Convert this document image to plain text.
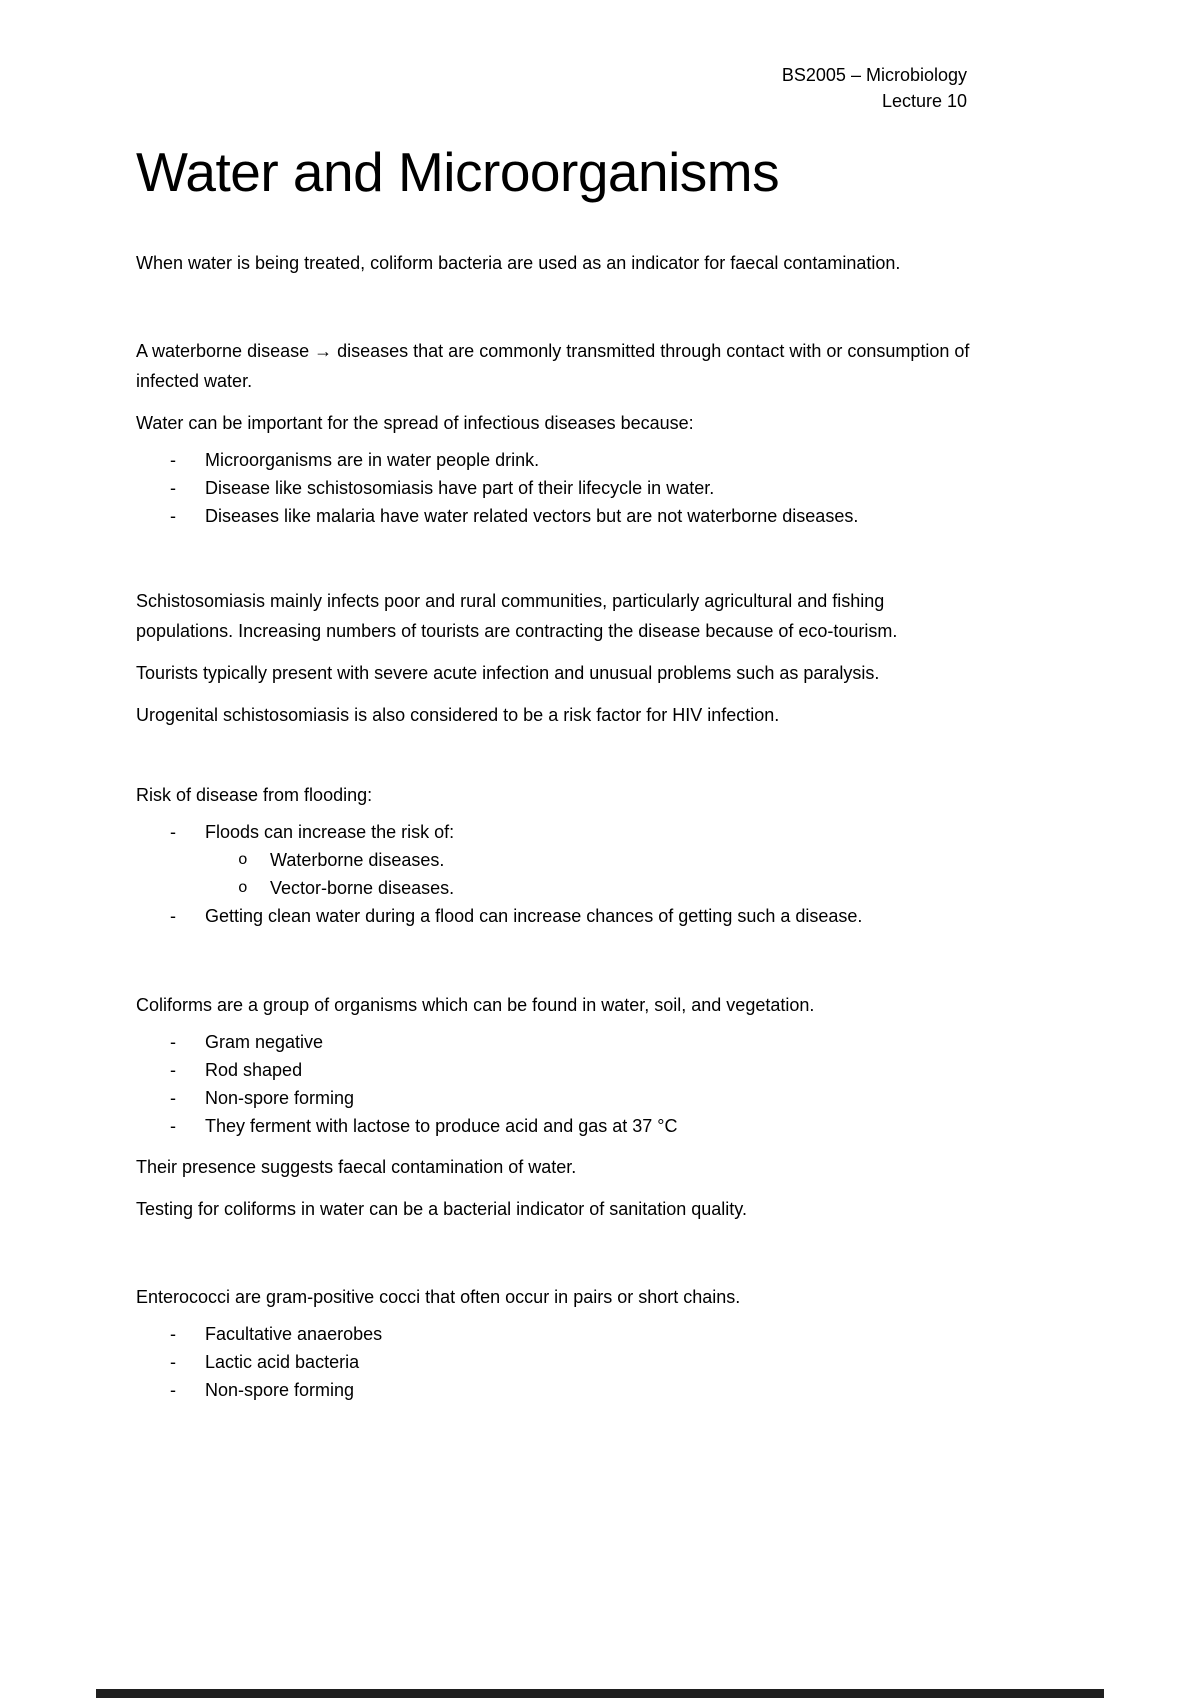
BS2005 – Microbiology
Lecture 10
Water and Microorganisms

When water is being treated, coliform bacteria are used as an indicator for faecal contamination.

A waterborne disease → diseases that are commonly transmitted through contact with or consumption of infected water.

Water can be important for the spread of infectious diseases because:

-	Microorganisms are in water people drink.
-	Disease like schistosomiasis have part of their lifecycle in water.
-	Diseases like malaria have water related vectors but are not waterborne diseases.

Schistosomiasis mainly infects poor and rural communities, particularly agricultural and fishing populations. Increasing numbers of tourists are contracting the disease because of eco-tourism.

Tourists typically present with severe acute infection and unusual problems such as paralysis.

Urogenital schistosomiasis is also considered to be a risk factor for HIV infection.

Risk of disease from flooding:

-	Floods can increase the risk of:
o	Waterborne diseases.
o	Vector-borne diseases.
-	Getting clean water during a flood can increase chances of getting such a disease.

Coliforms are a group of organisms which can be found in water, soil, and vegetation.

-	Gram negative
-	Rod shaped
-	Non-spore forming
-	They ferment with lactose to produce acid and gas at 37 °C

Their presence suggests faecal contamination of water.

Testing for coliforms in water can be a bacterial indicator of sanitation quality.

Enterococci are gram-positive cocci that often occur in pairs or short chains.

-	Facultative anaerobes
-	Lactic acid bacteria
-	Non-spore forming
